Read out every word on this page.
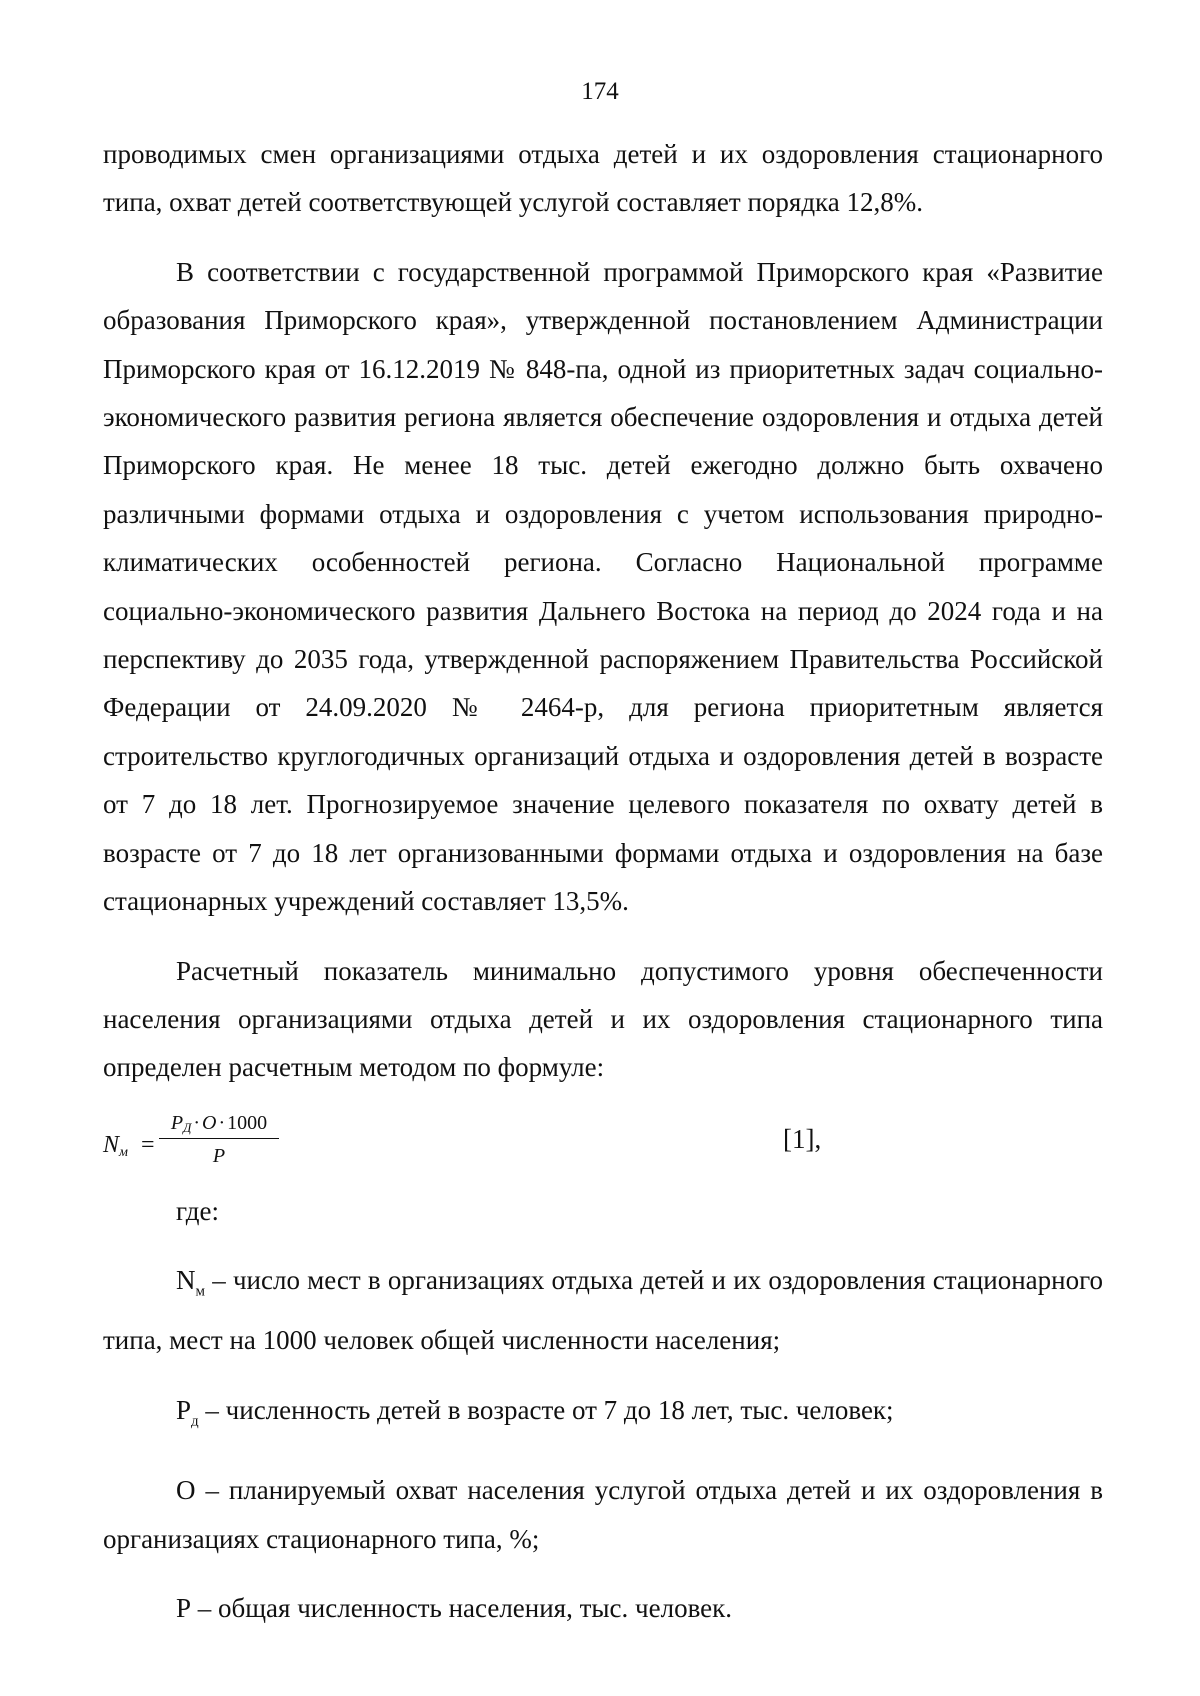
174

проводимых смен организациями отдыха детей и их оздоровления стационарного типа, охват детей соответствующей услугой составляет порядка 12,8%.

В соответствии с государственной программой Приморского края «Развитие образования Приморского края», утвержденной постановлением Администрации Приморского края от 16.12.2019 № 848-па, одной из приоритетных задач социально-экономического развития региона является обеспечение оздоровления и отдыха детей Приморского края. Не менее 18 тыс. детей ежегодно должно быть охвачено различными формами отдыха и оздоровления с учетом использования природно-климатических особенностей региона. Согласно Национальной программе социально-экономического развития Дальнего Востока на период до 2024 года и на перспективу до 2035 года, утвержденной распоряжением Правительства Российской Федерации от 24.09.2020 № 2464-р, для региона приоритетным является строительство круглогодичных организаций отдыха и оздоровления детей в возрасте от 7 до 18 лет. Прогнозируемое значение целевого показателя по охвату детей в возрасте от 7 до 18 лет организованными формами отдыха и оздоровления на базе стационарных учреждений составляет 13,5%.

Расчетный показатель минимально допустимого уровня обеспеченности населения организациями отдыха детей и их оздоровления стационарного типа определен расчетным методом по формуле:

$N_м$ =
$P_Д \cdot O \cdot 1000$
P
[1],

где:

$N_м$ – число мест в организациях отдыха детей и их оздоровления стационарного типа, мест на 1000 человек общей численности населения;

$Р_д$ – численность детей в возрасте от 7 до 18 лет, тыс. человек;

О – планируемый охват населения услугой отдыха детей и их оздоровления в организациях стационарного типа, %;

Р – общая численность населения, тыс. человек.
